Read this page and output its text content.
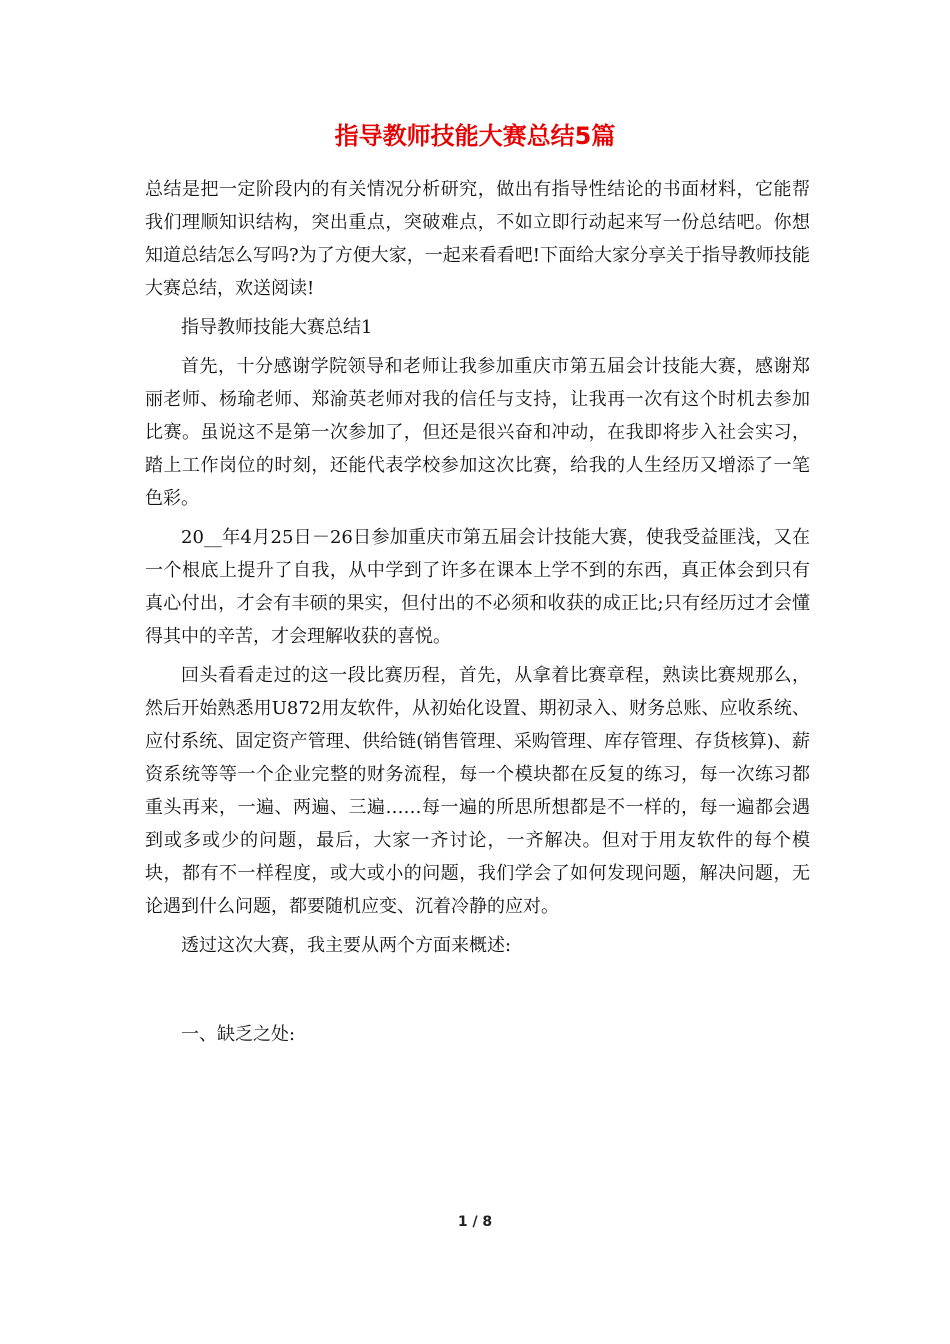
指导教师技能大赛总结5篇

总结是把一定阶段内的有关情况分析研究，做出有指导性结论的书面材料，它能帮我们理顺知识结构，突出重点，突破难点，不如立即行动起来写一份总结吧。你想知道总结怎么写吗?为了方便大家，一起来看看吧!下面给大家分享关于指导教师技能大赛总结，欢送阅读!

指导教师技能大赛总结1

首先，十分感谢学院领导和老师让我参加重庆市第五届会计技能大赛，感谢郑丽老师、杨瑜老师、郑渝英老师对我的信任与支持，让我再一次有这个时机去参加比赛。虽说这不是第一次参加了，但还是很兴奋和冲动，在我即将步入社会实习，踏上工作岗位的时刻，还能代表学校参加这次比赛，给我的人生经历又增添了一笔色彩。

20__年4月25日－26日参加重庆市第五届会计技能大赛，使我受益匪浅，又在一个根底上提升了自我，从中学到了许多在课本上学不到的东西，真正体会到只有真心付出，才会有丰硕的果实，但付出的不必须和收获的成正比;只有经历过才会懂得其中的辛苦，才会理解收获的喜悦。

回头看看走过的这一段比赛历程，首先，从拿着比赛章程，熟读比赛规那么，然后开始熟悉用U872用友软件，从初始化设置、期初录入、财务总账、应收系统、应付系统、固定资产管理、供给链(销售管理、采购管理、库存管理、存货核算)、薪资系统等等一个企业完整的财务流程，每一个模块都在反复的练习，每一次练习都重头再来，一遍、两遍、三遍……每一遍的所思所想都是不一样的，每一遍都会遇到或多或少的问题，最后，大家一齐讨论，一齐解决。但对于用友软件的每个模块，都有不一样程度，或大或小的问题，我们学会了如何发现问题，解决问题，无论遇到什么问题，都要随机应变、沉着冷静的应对。

透过这次大赛，我主要从两个方面来概述:

一、缺乏之处:

1 / 8
